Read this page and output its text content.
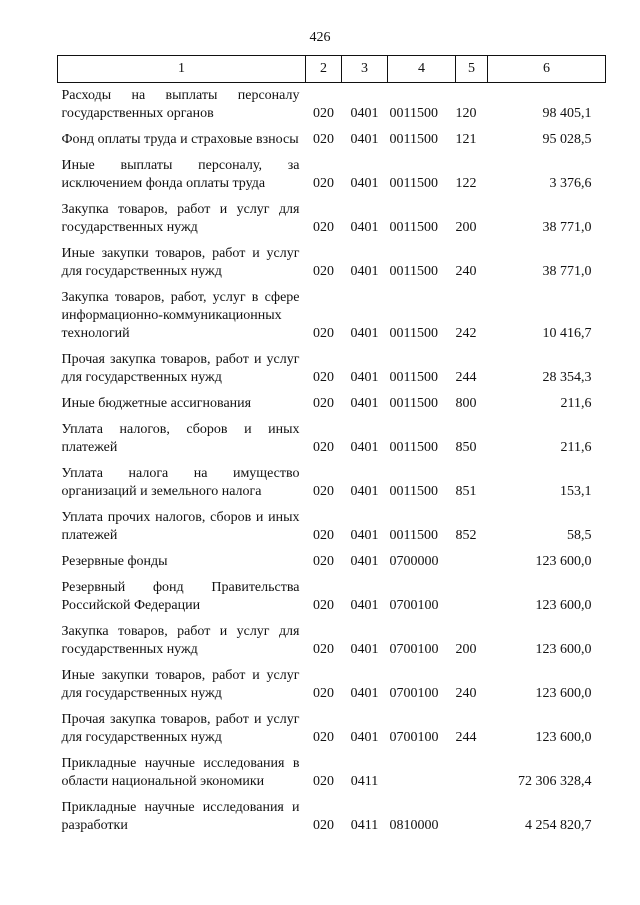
426
1	2	3	4	5	6
Расходы на выплаты персоналу государственных органов	020	0401	0011500	120	98 405,1
Фонд оплаты труда и страховые взносы	020	0401	0011500	121	95 028,5
Иные выплаты персоналу, за исключением фонда оплаты труда	020	0401	0011500	122	3 376,6
Закупка товаров, работ и услуг для государственных нужд	020	0401	0011500	200	38 771,0
Иные закупки товаров, работ и услуг для государственных нужд	020	0401	0011500	240	38 771,0
Закупка товаров, работ, услуг в сфере информационно-коммуникационных технологий	020	0401	0011500	242	10 416,7
Прочая закупка товаров, работ и услуг для государственных нужд	020	0401	0011500	244	28 354,3
Иные бюджетные ассигнования	020	0401	0011500	800	211,6
Уплата налогов, сборов и иных платежей	020	0401	0011500	850	211,6
Уплата налога на имущество организаций и земельного налога	020	0401	0011500	851	153,1
Уплата прочих налогов, сборов и иных платежей	020	0401	0011500	852	58,5
Резервные фонды	020	0401	0700000		123 600,0
Резервный фонд Правительства Российской Федерации	020	0401	0700100		123 600,0
Закупка товаров, работ и услуг для государственных нужд	020	0401	0700100	200	123 600,0
Иные закупки товаров, работ и услуг для государственных нужд	020	0401	0700100	240	123 600,0
Прочая закупка товаров, работ и услуг для государственных нужд	020	0401	0700100	244	123 600,0
Прикладные научные исследования в области национальной экономики	020	0411			72 306 328,4
Прикладные научные исследования и разработки	020	0411	0810000		4 254 820,7
